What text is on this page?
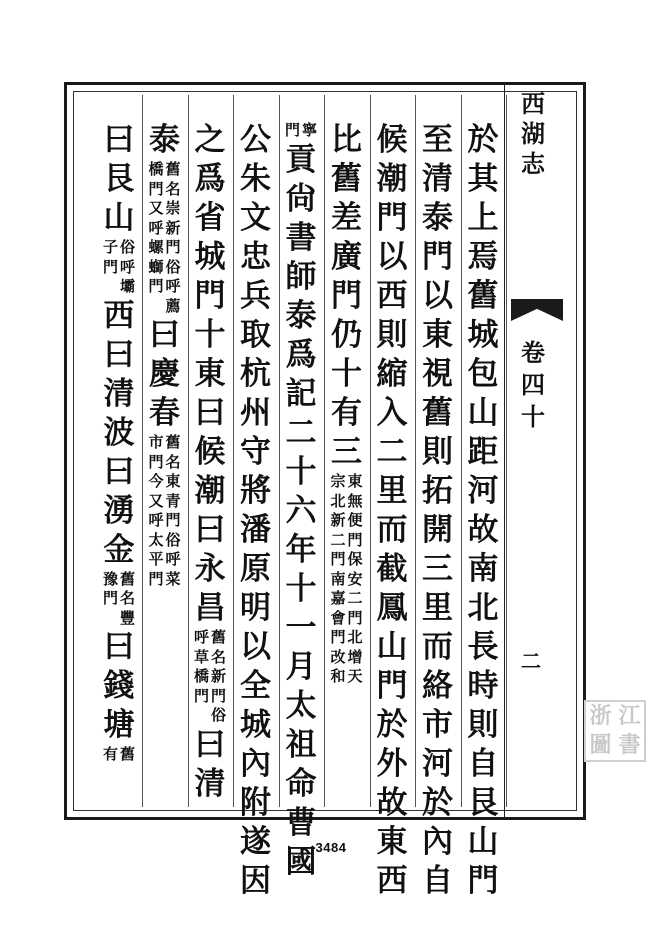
於
其
上
焉
舊
城
包
山
距
河
故
南
北
長
時
則
自
艮
山
門
至
清
泰
門
以
東
視
舊
則
拓
開
三
里
而
絡
市
河
於
內
自
候
潮
門
以
西
則
縮
入
二
里
而
截
鳳
山
門
於
外
故
東
西
比
舊
差
廣
門
仍
十
有
三
東
無
便
門
保
安
二
門
北
增
天
宗
北
新
二
門
南
嘉
會
門
改
和
寧
門
貢
尙
書
師
泰
爲
記
二
十
六
年
十
一
月
太
祖
命
曹
國
公
朱
文
忠
兵
取
杭
州
守
將
潘
原
明
以
全
城
內
附
遂
因
之
爲
省
城
門
十
東
曰
候
潮
曰
永
昌
舊
名
新
門
俗
呼
草
橋
門
曰
清
泰
舊
名
崇
新
門
俗
呼
薦
橋
門
又
呼
螺
螄
門
曰
慶
春
舊
名
東
青
門
俗
呼
菜
市
門
今
又
呼
太
平
門
曰
艮
山
俗
呼
壩
子
門
西
曰
清
波
曰
湧
金
舊
名
豐
豫
門
曰
錢
塘
舊
有
西
湖
志
卷
四
十
二
3484
浙 江
圖 書
